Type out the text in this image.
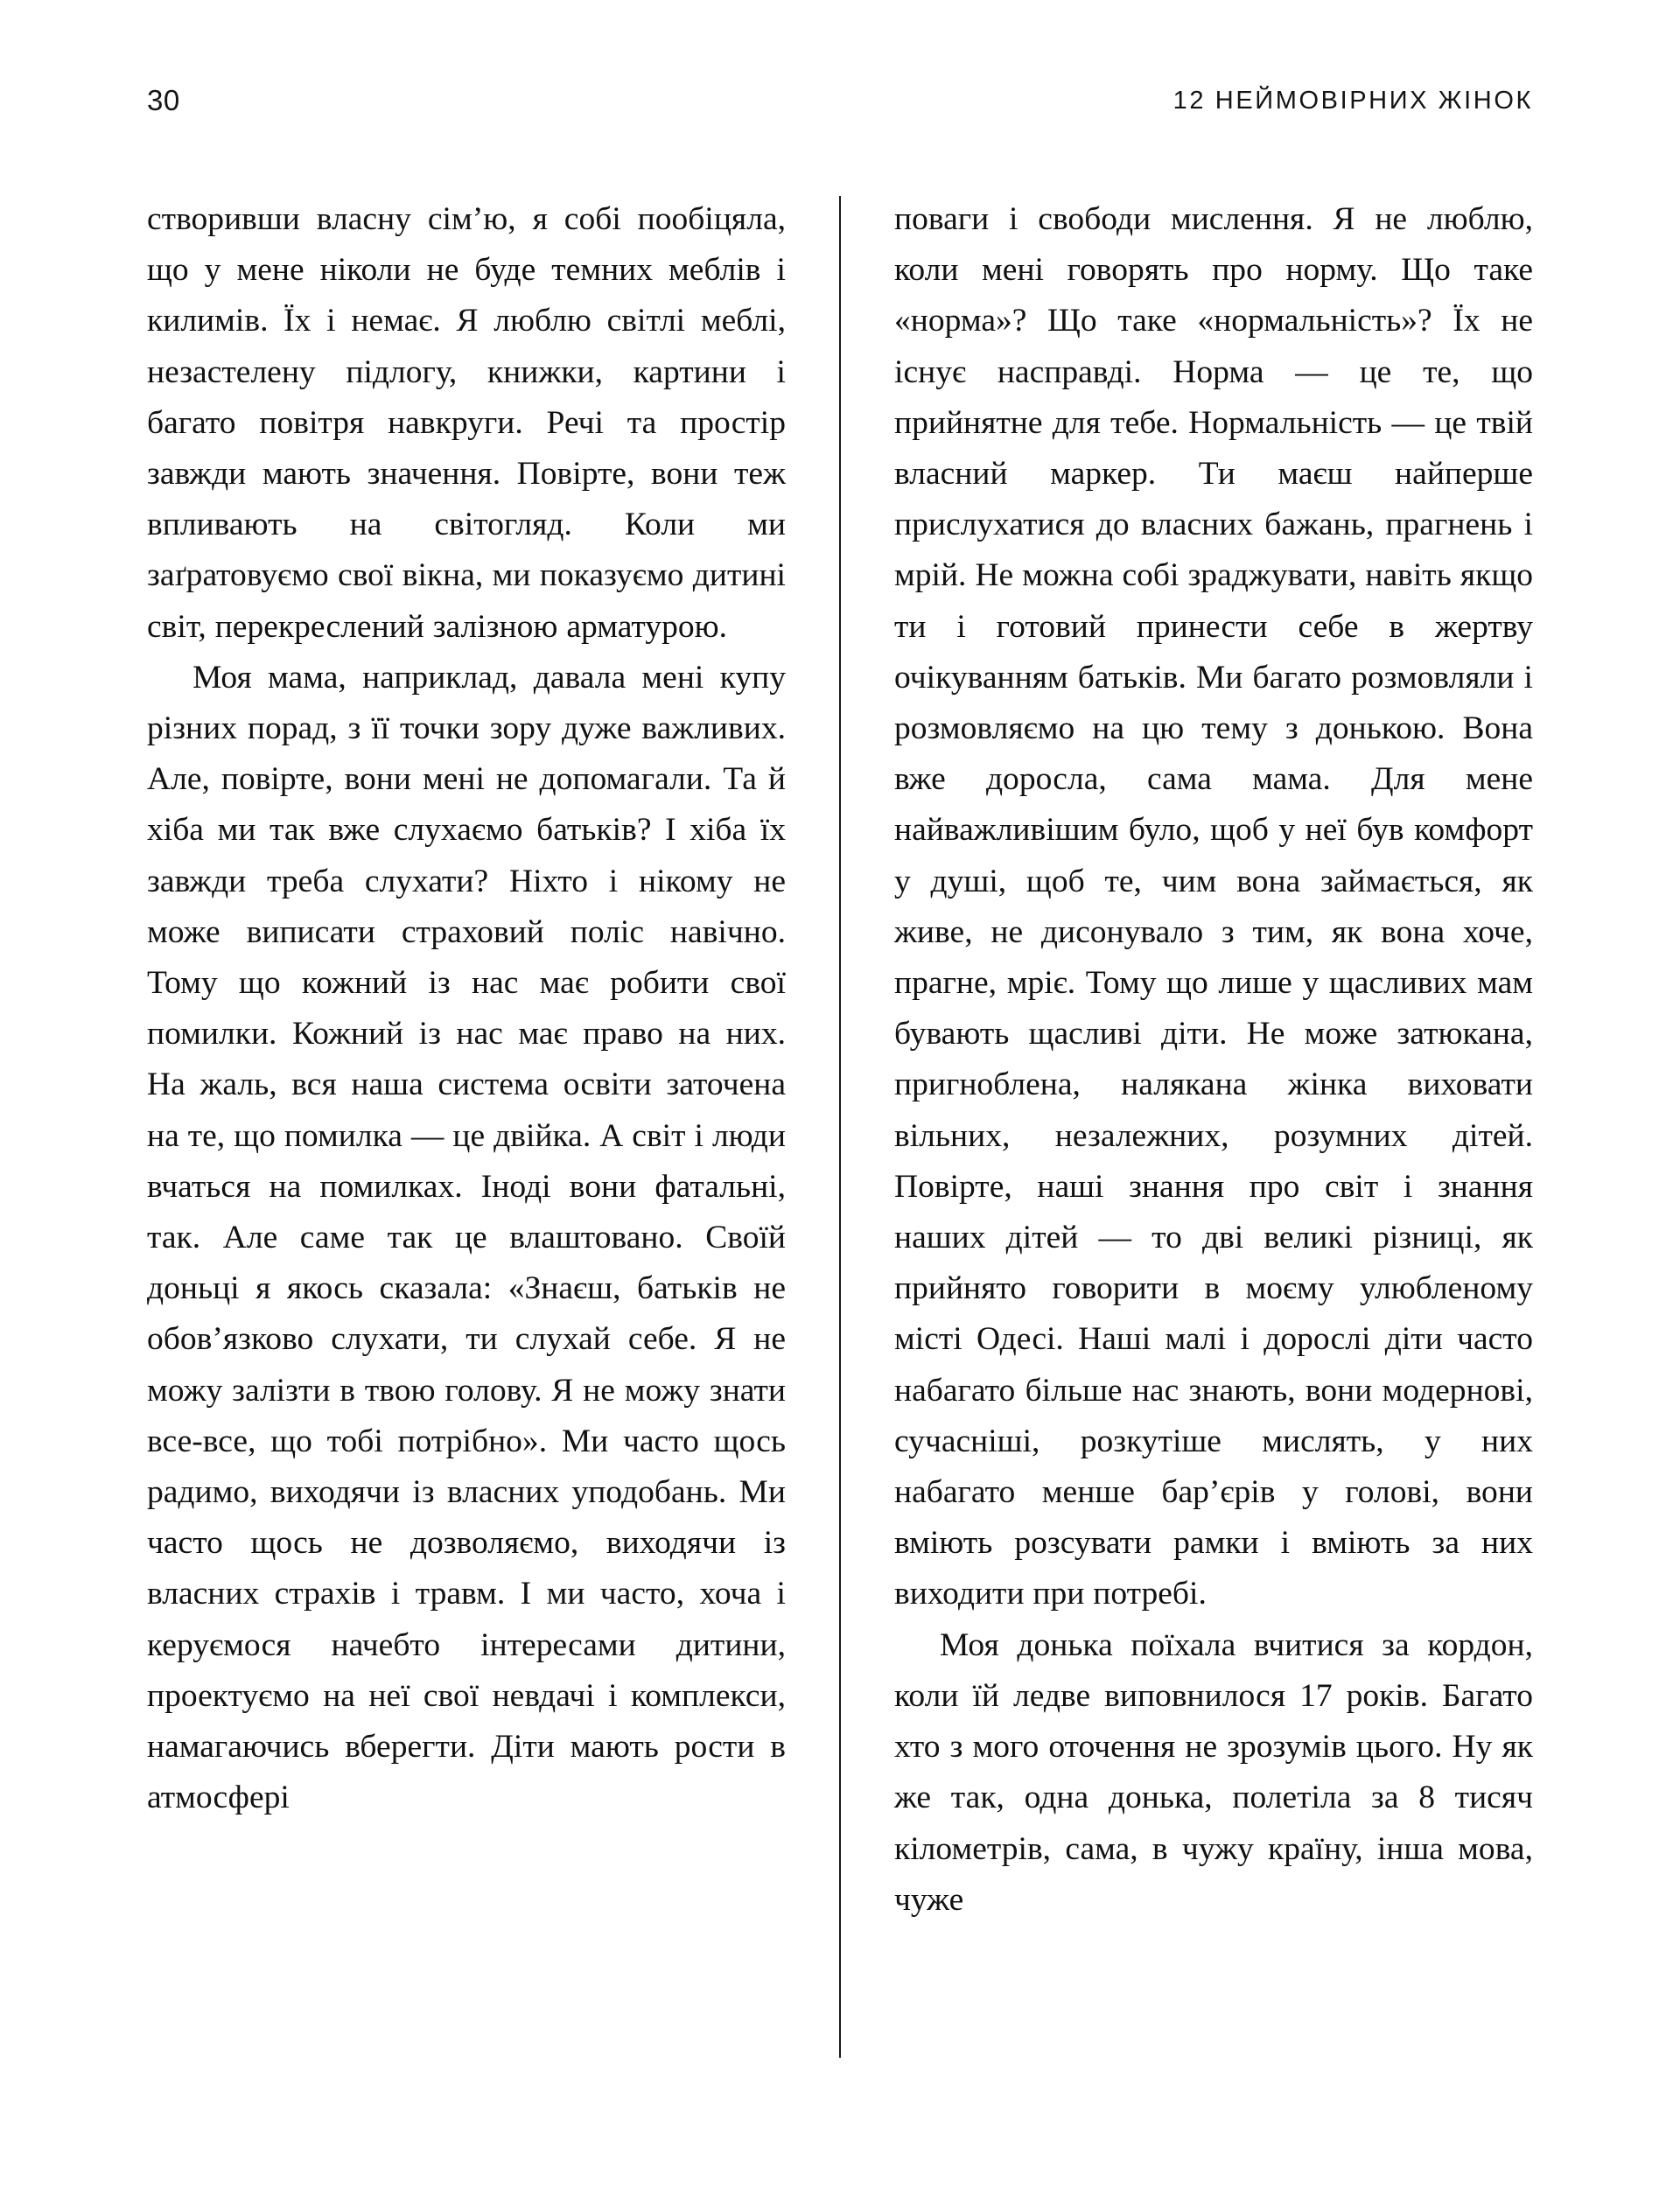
30	12 НЕЙМОВІРНИХ ЖІНОК

створивши власну сім’ю, я собі пообіцяла, що у мене ніколи не буде темних меблів і килимів. Їх і немає. Я люблю світлі меблі, незастелену підлогу, книжки, картини і багато повітря навкруги. Речі та простір завжди мають значення. Повірте, вони теж впливають на світогляд. Коли ми заґратовуємо свої вікна, ми показуємо дитині світ, перекреслений залізною арматурою.

Моя мама, наприклад, давала мені купу різних порад, з її точки зору дуже важливих. Але, повірте, вони мені не допомагали. Та й хіба ми так вже слухаємо батьків? І хіба їх завжди треба слухати? Ніхто і нікому не може виписати страховий поліс навічно. Тому що кожний із нас має робити свої помилки. Кожний із нас має право на них. На жаль, вся наша система освіти заточена на те, що помилка — це двійка. А світ і люди вчаться на помилках. Іноді вони фатальні, так. Але саме так це влаштовано. Своїй доньці я якось сказала: «Знаєш, батьків не обов’язково слухати, ти слухай себе. Я не можу залізти в твою голову. Я не можу знати все-все, що тобі потрібно». Ми часто щось радимо, виходячи із власних уподобань. Ми часто щось не дозволяємо, виходячи із власних страхів і травм. І ми часто, хоча і керуємося начебто інтересами дитини, проектуємо на неї свої невдачі і комплекси, намагаючись вберегти. Діти мають рости в атмосфері

поваги і свободи мислення. Я не люблю, коли мені говорять про норму. Що таке «норма»? Що таке «нормальність»? Їх не існує насправді. Норма — це те, що прийнятне для тебе. Нормальність — це твій власний маркер. Ти маєш найперше прислухатися до власних бажань, прагнень і мрій. Не можна собі зраджувати, навіть якщо ти і готовий принести себе в жертву очікуванням батьків. Ми багато розмовляли і розмовляємо на цю тему з донькою. Вона вже доросла, сама мама. Для мене найважливішим було, щоб у неї був комфорт у душі, щоб те, чим вона займається, як живе, не дисонувало з тим, як вона хоче, прагне, мріє. Тому що лише у щасливих мам бувають щасливі діти. Не може затюкана, пригноблена, налякана жінка виховати вільних, незалежних, розумних дітей. Повірте, наші знання про світ і знання наших дітей — то дві великі різниці, як прийнято говорити в моєму улюбленому місті Одесі. Наші малі і дорослі діти часто набагато більше нас знають, вони модернові, сучасніші, розкутіше мислять, у них набагато менше бар’єрів у голові, вони вміють розсувати рамки і вміють за них виходити при потребі.

Моя донька поїхала вчитися за кордон, коли їй ледве виповнилося 17 років. Багато хто з мого оточення не зрозумів цього. Ну як же так, одна донька, полетіла за 8 тисяч кілометрів, сама, в чужу країну, інша мова, чуже
